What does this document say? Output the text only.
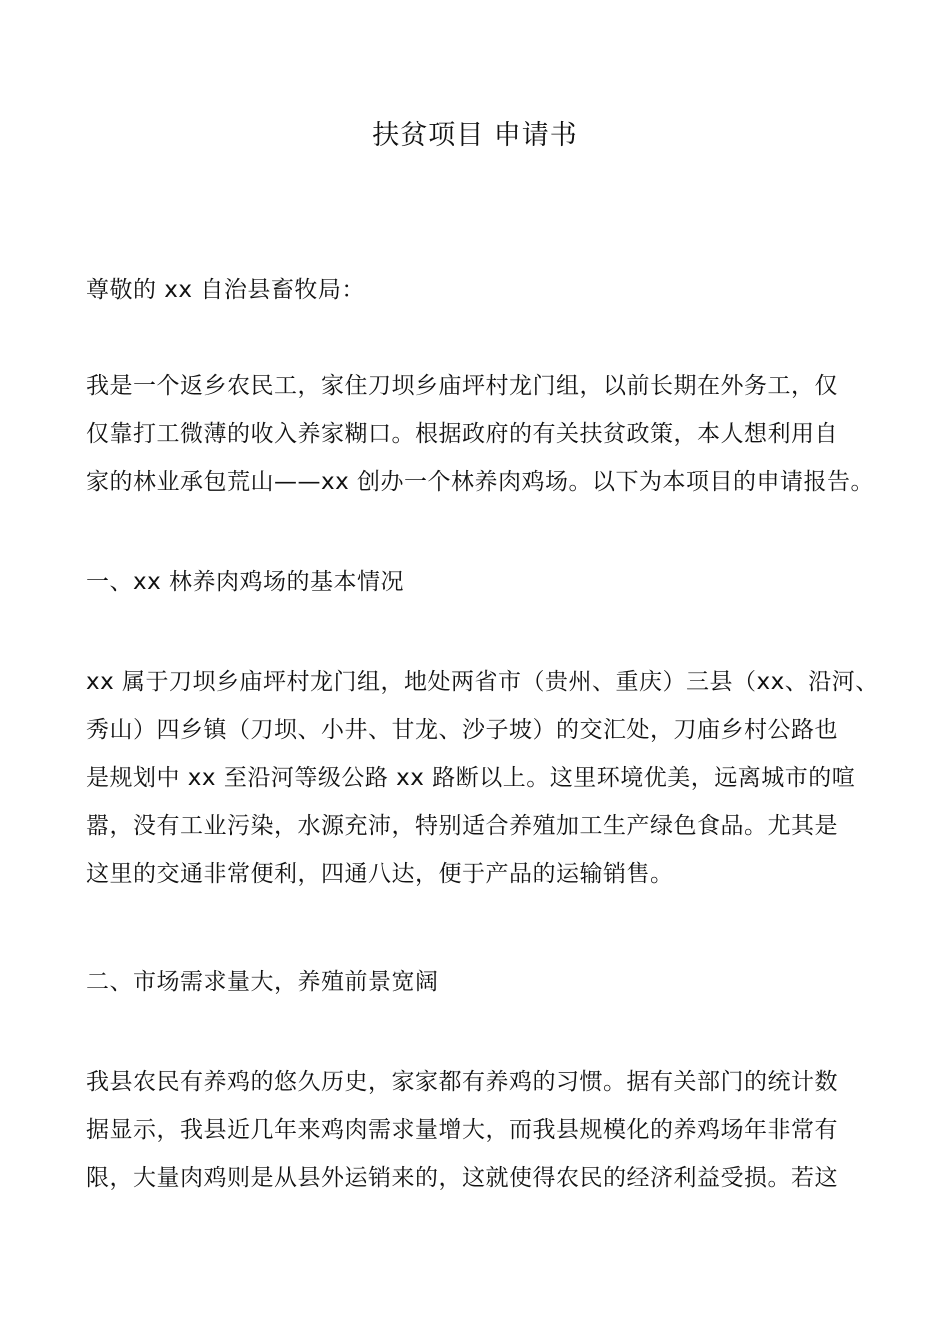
扶贫项目 申请书
尊敬的 xx 自治县畜牧局：
我是一个返乡农民工，家住刀坝乡庙坪村龙门组，以前长期在外务工，仅
仅靠打工微薄的收入养家糊口。根据政府的有关扶贫政策，本人想利用自
家的林业承包荒山——xx 创办一个林养肉鸡场。以下为本项目的申请报告。
一、xx 林养肉鸡场的基本情况
xx 属于刀坝乡庙坪村龙门组，地处两省市（贵州、重庆）三县（xx、沿河、
秀山）四乡镇（刀坝、小井、甘龙、沙子坡）的交汇处，刀庙乡村公路也
是规划中 xx 至沿河等级公路 xx 路断以上。这里环境优美，远离城市的喧
嚣，没有工业污染，水源充沛，特别适合养殖加工生产绿色食品。尤其是
这里的交通非常便利，四通八达，便于产品的运输销售。
二、市场需求量大，养殖前景宽阔
我县农民有养鸡的悠久历史，家家都有养鸡的习惯。据有关部门的统计数
据显示，我县近几年来鸡肉需求量增大，而我县规模化的养鸡场年非常有
限，大量肉鸡则是从县外运销来的，这就使得农民的经济利益受损。若这
